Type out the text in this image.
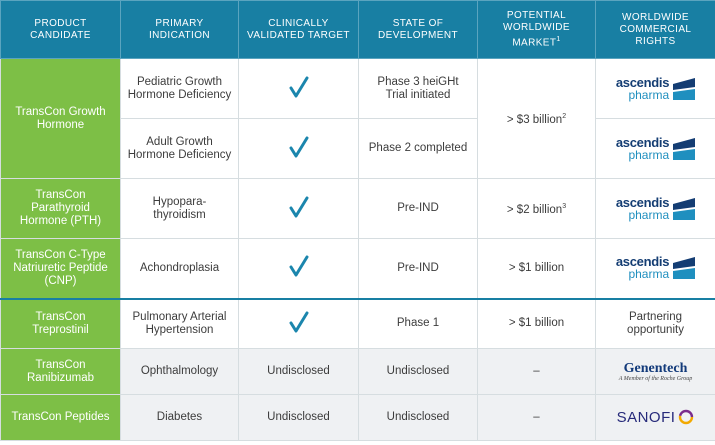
PRODUCT CANDIDATE	PRIMARY INDICATION	CLINICALLY VALIDATED TARGET	STATE OF DEVELOPMENT	POTENTIAL WORLDWIDE MARKET$^1$	WORLDWIDE COMMERCIAL RIGHTS
TransCon Growth Hormone	Pediatric Growth Hormone Deficiency		Phase 3 heiGHt Trial initiated	> $3 billion$^2$	ascendis
pharma

	Adult Growth Hormone Deficiency		Phase 2 completed		ascendis
pharma

TransCon Parathyroid Hormone (PTH)	Hypopara-thyroidism		Pre-IND	> $2 billion$^3$	ascendis
pharma

TransCon C-Type Natriuretic Peptide (CNP)	Achondroplasia		Pre-IND	> $1 billion	ascendis
pharma

TransCon Treprostinil	Pulmonary Arterial Hypertension		Phase 1	> $1 billion	Partnering opportunity
TransCon Ranibizumab	Ophthalmology	Undisclosed	Undisclosed	–	Genentech
A Member of the Roche Group

TransCon Peptides	Diabetes	Undisclosed	Undisclosed	–	SANOFI
